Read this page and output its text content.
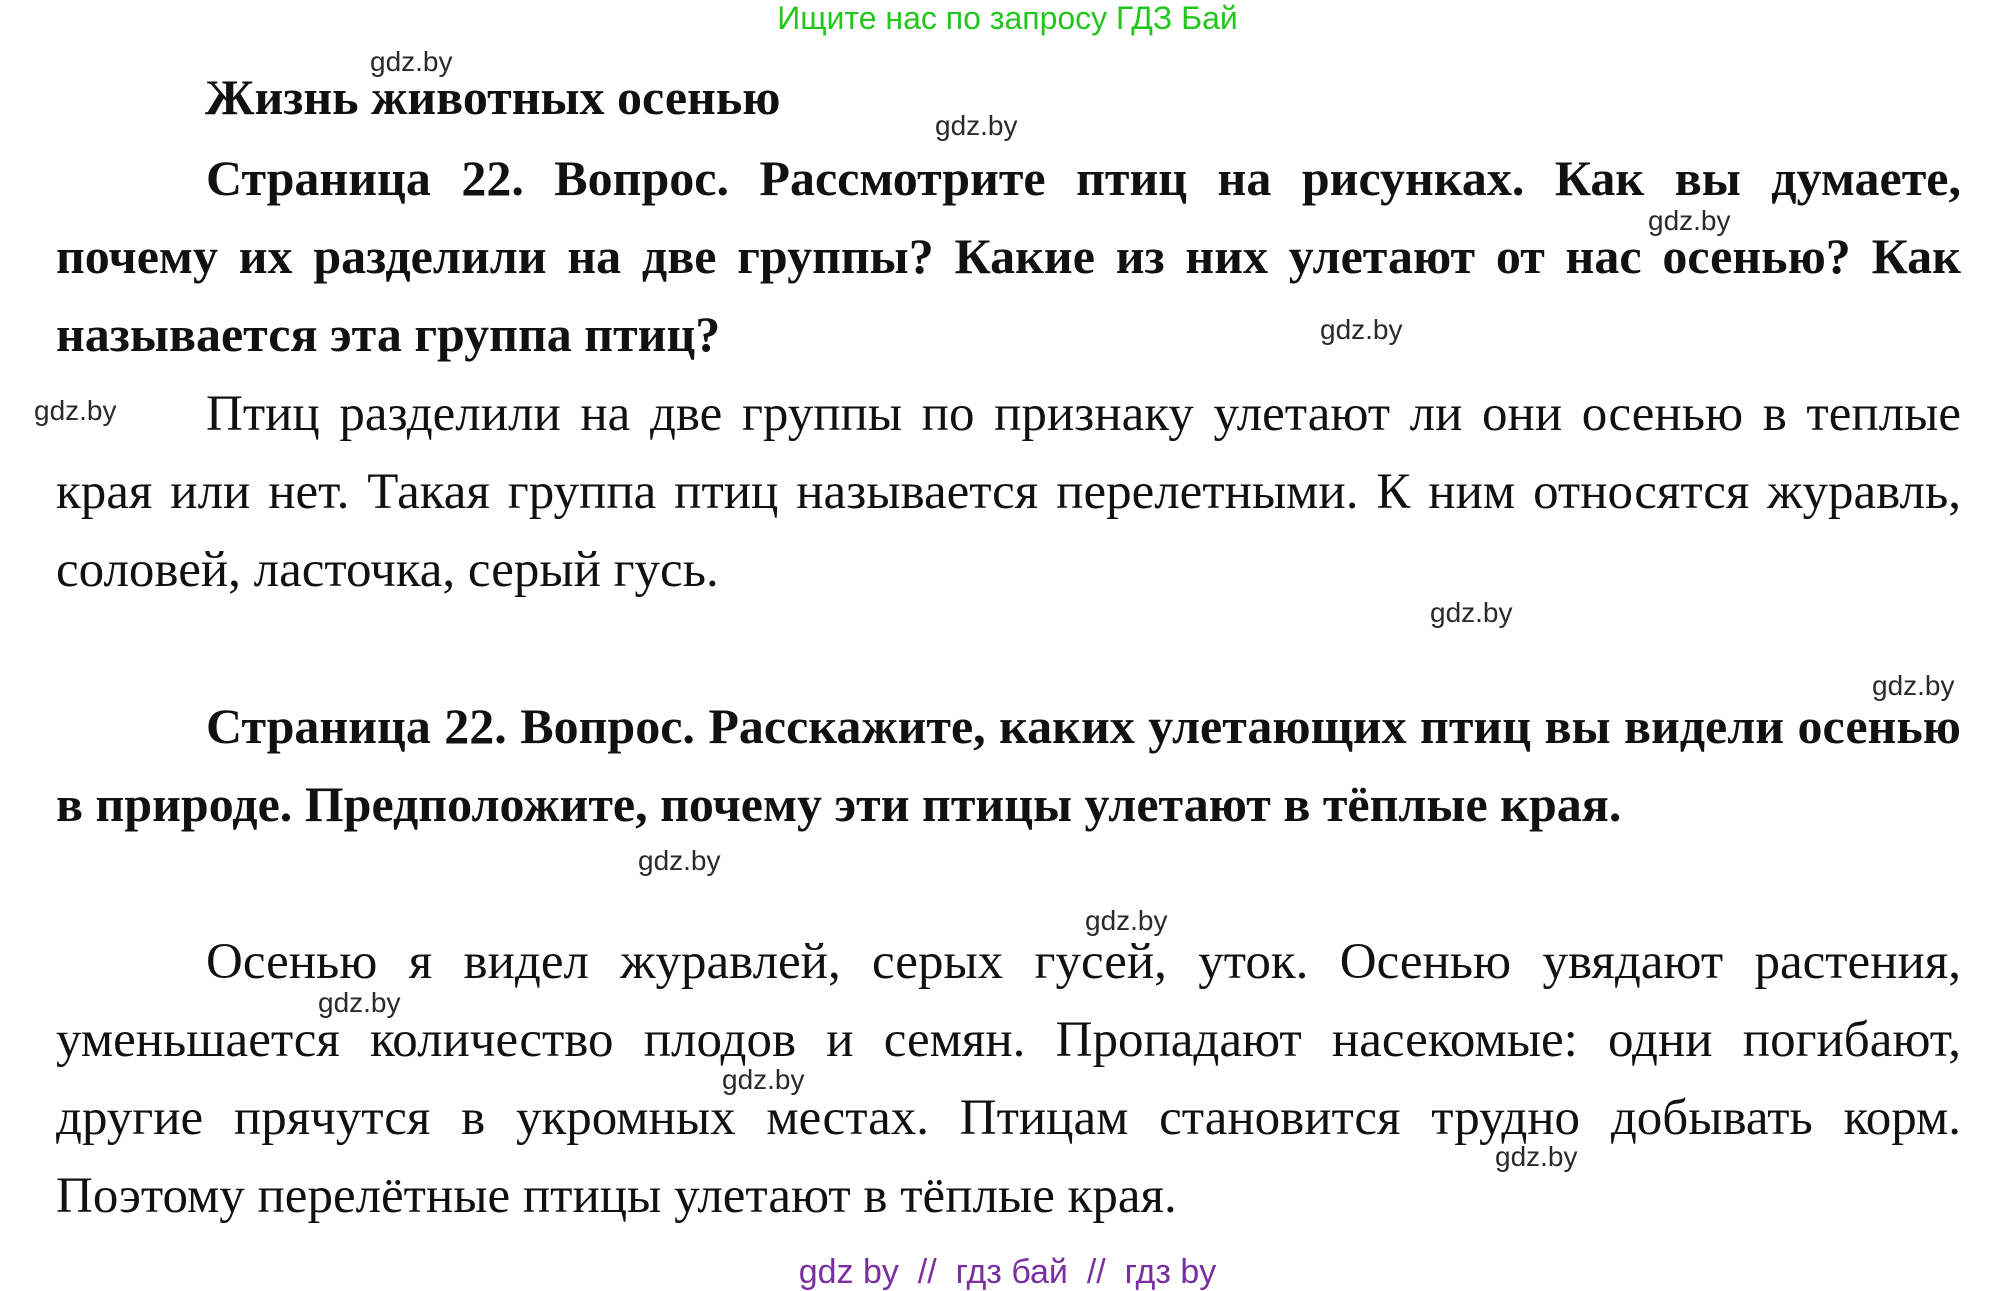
Ищите нас по запросу ГДЗ Бай
Жизнь животных осенью

Страница 22. Вопрос. Рассмотрите птиц на рисунках. Как вы думаете, почему их разделили на две группы? Какие из них улетают от нас осенью? Как называется эта группа птиц?

Птиц разделили на две группы по признаку улетают ли они осенью в теплые края или нет. Такая группа птиц называется перелетными. К ним относятся журавль, соловей, ласточка, серый гусь.

Страница 22. Вопрос. Расскажите, каких улетающих птиц вы видели осенью в природе. Предположите, почему эти птицы улетают в тёплые края.

Осенью я видел журавлей, серых гусей, уток. Осенью увядают растения, уменьшается количество плодов и семян. Пропадают насекомые: одни погибают, другие прячутся в укромных местах. Птицам становится трудно добывать корм. Поэтому перелётные птицы улетают в тёплые края.

gdz.by
gdz.by
gdz.by
gdz.by
gdz.by
gdz.by
gdz.by
gdz.by
gdz.by
gdz.by
gdz.by
gdz.by
gdz by  //  гдз бай  //  гдз by
